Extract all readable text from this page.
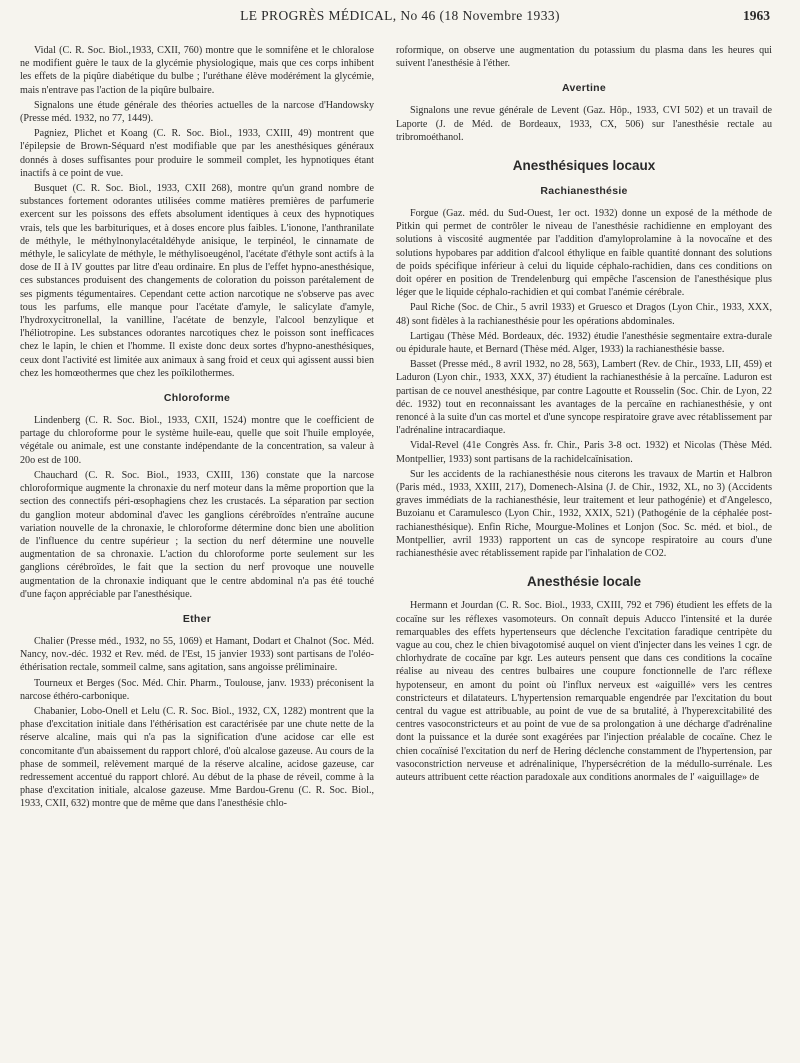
LE PROGRÈS MÉDICAL, No 46 (18 Novembre 1933)	1963

Vidal (C. R. Soc. Biol.,1933, CXII, 760) montre que le somnifène et le chloralose ne modifient guère le taux de la glycémie physiologique, mais que ces corps inhibent les effets de la piqûre diabétique du bulbe ; l'uréthane élève modérément la glycémie, mais n'entrave pas l'action de la piqûre bulbaire.

Signalons une étude générale des théories actuelles de la narcose d'Handowsky (Presse méd. 1932, no 77, 1449).

Pagniez, Plichet et Koang (C. R. Soc. Biol., 1933, CXIII, 49) montrent que l'épilepsie de Brown-Séquard n'est modifiable que par les anesthésiques généraux donnés à doses suffisantes pour produire le sommeil complet, les hypnotiques étant inactifs à ce point de vue.

Busquet (C. R. Soc. Biol., 1933, CXII 268), montre qu'un grand nombre de substances fortement odorantes utilisées comme matières premières de parfumerie exercent sur les poissons des effets absolument identiques à ceux des hypnotiques vrais, tels que les barbituriques, et à doses encore plus faibles. L'ionone, l'anthranilate de méthyle, le méthylnonylacétaldéhyde anisique, le terpinéol, le cinnamate de méthyle, le salicylate de méthyle, le méthylisoeugénol, l'acétate d'éthyle sont actifs à la dose de II à IV gouttes par litre d'eau ordinaire. En plus de l'effet hypno-anesthésique, ces substances produisent des changements de coloration du poisson parétalement de ses pigments tégumentaires. Cependant cette action narcotique ne s'observe pas avec tous les parfums, elle manque pour l'acétate d'amyle, le salicylate d'amyle, l'hydroxycitronellal, la vanilline, l'acétate de benzyle, l'alcool benzylique et l'héliotropine. Les substances odorantes narcotiques chez le poisson sont inefficaces chez le lapin, le chien et l'homme. Il existe donc deux sortes d'hypno-anesthésiques, ceux dont l'activité est limitée aux animaux à sang froid et ceux qui agissent aussi bien chez les homœothermes que chez les poïkilothermes.

Chloroforme

Lindenberg (C. R. Soc. Biol., 1933, CXII, 1524) montre que le coefficient de partage du chloroforme pour le système huile-eau, quelle que soit l'huile employée, végétale ou animale, est une constante indépendante de la concentration, sa valeur à 20o est de 100.

Chauchard (C. R. Soc. Biol., 1933, CXIII, 136) constate que la narcose chloroformique augmente la chronaxie du nerf moteur dans la même proportion que la section des connectifs péri-œsophagiens chez les crustacés. La séparation par section du ganglion moteur abdominal d'avec les ganglions cérébroïdes n'entraîne aucune variation nouvelle de la chronaxie, le chloroforme détermine donc bien une abolition de l'influence du centre supérieur ; la section du nerf détermine une nouvelle augmentation de sa chronaxie. L'action du chloroforme porte seulement sur les ganglions cérébroïdes, le fait que la section du nerf provoque une nouvelle augmentation de la chronaxie indiquant que le centre abdominal n'a pas été touché d'une façon appréciable par l'anesthésique.

Ether

Chalier (Presse méd., 1932, no 55, 1069) et Hamant, Dodart et Chalnot (Soc. Méd. Nancy, nov.-déc. 1932 et Rev. méd. de l'Est, 15 janvier 1933) sont partisans de l'oléo-éthérisation rectale, sommeil calme, sans agitation, sans angoisse préliminaire.

Tourneux et Berges (Soc. Méd. Chir. Pharm., Toulouse, janv. 1933) préconisent la narcose éthéro-carbonique.

Chabanier, Lobo-Onell et Lelu (C. R. Soc. Biol., 1932, CX, 1282) montrent que la phase d'excitation initiale dans l'éthérisation est caractérisée par une chute nette de la réserve alcaline, mais qui n'a pas la signification d'une acidose car elle est concomitante d'un abaissement du rapport chloré, d'où alcalose gazeuse. Au cours de la phase de sommeil, relèvement marqué de la réserve alcaline, acidose gazeuse, car redressement accentué du rapport chloré. Au début de la phase de réveil, comme à la phase d'excitation initiale, alcalose gazeuse. Mme Bardou-Grenu (C. R. Soc. Biol., 1933, CXII, 632) montre que de même que dans l'anesthésie chlo-

roformique, on observe une augmentation du potassium du plasma dans les heures qui suivent l'anesthésie à l'éther.

Avertine

Signalons une revue générale de Levent (Gaz. Hôp., 1933, CVI 502) et un travail de Laporte (J. de Méd. de Bordeaux, 1933, CX, 506) sur l'anesthésie rectale au tribromoéthanol.

Anesthésiques locaux
Rachianesthésie

Forgue (Gaz. méd. du Sud-Ouest, 1er oct. 1932) donne un exposé de la méthode de Pitkin qui permet de contrôler le niveau de l'anesthésie rachidienne en employant des solutions à viscosité augmentée par l'addition d'amyloprolamine à la novocaïne et des solutions hypobares par addition d'alcool éthylique en faible quantité donnant des solutions de poids spécifique inférieur à celui du liquide céphalo-rachidien, dans ces conditions on doit opérer en position de Trendelenburg qui empêche l'ascension de l'anesthésique plus léger que le liquide céphalo-rachidien et qui combat l'anémie cérébrale.

Paul Riche (Soc. de Chir., 5 avril 1933) et Gruesco et Dragos (Lyon Chir., 1933, XXX, 48) sont fidèles à la rachianesthésie pour les opérations abdominales.

Lartigau (Thèse Méd. Bordeaux, déc. 1932) étudie l'anesthésie segmentaire extra-durale ou épidurale haute, et Bernard (Thèse méd. Alger, 1933) la rachianesthésie basse.

Basset (Presse méd., 8 avril 1932, no 28, 563), Lambert (Rev. de Chir., 1933, LII, 459) et Laduron (Lyon chir., 1933, XXX, 37) étudient la rachianesthésie à la percaïne. Laduron est partisan de ce nouvel anesthésique, par contre Lagoutte et Rousselin (Soc. Chir. de Lyon, 22 déc. 1932) tout en reconnaissant les avantages de la percaïne en rachianesthésie, y ont renoncé à la suite d'un cas mortel et d'une syncope respiratoire grave avec rétablissement par l'adrénaline intracardiaque.

Vidal-Revel (41e Congrès Ass. fr. Chir., Paris 3-8 oct. 1932) et Nicolas (Thèse Méd. Montpellier, 1933) sont partisans de la rachidelcaïnisation.

Sur les accidents de la rachianesthésie nous citerons les travaux de Martin et Halbron (Paris méd., 1933, XXIII, 217), Domenech-Alsina (J. de Chir., 1932, XL, no 3) (Accidents graves immédiats de la rachianesthésie, leur traitement et leur pathogénie) et d'Angelesco, Buzoianu et Caramulesco (Lyon Chir., 1932, XXIX, 521) (Pathogénie de la céphalée post-rachianesthésique). Enfin Riche, Mourgue-Molines et Lonjon (Soc. Sc. méd. et biol., de Montpellier, avril 1933) rapportent un cas de syncope respiratoire au cours d'une rachianesthésie avec rétablissement rapide par l'inhalation de CO2.

Anesthésie locale

Hermann et Jourdan (C. R. Soc. Biol., 1933, CXIII, 792 et 796) étudient les effets de la cocaïne sur les réflexes vasomoteurs. On connaît depuis Aducco l'intensité et la durée remarquables des effets hypertenseurs que déclenche l'excitation faradique centripète du vague au cou, chez le chien bivagotomisé auquel on vient d'injecter dans les veines 1 cgr. de chlorhydrate de cocaïne par kgr. Les auteurs pensent que dans ces conditions la cocaïne réalise au niveau des centres bulbaires une coupure fonctionnelle de l'arc réflexe hypotenseur, en amont du point où l'influx nerveux est «aiguillé» vers les centres constricteurs et dilatateurs. L'hypertension remarquable engendrée par l'excitation du bout central du vague est attribuable, au point de vue de sa brutalité, à l'hyperexcitabilité des centres vasoconstricteurs et au point de vue de sa prolongation à une décharge d'adrénaline dont la puissance et la durée sont exagérées par l'injection préalable de cocaïne. Chez le chien cocaïnisé l'excitation du nerf de Hering déclenche constamment de l'hypertension, par vasoconstriction nerveuse et adrénalinique, l'hypersécrétion de la médullo-surrénale. Les auteurs attribuent cette réaction paradoxale aux conditions anormales de l' «aiguillage» de
